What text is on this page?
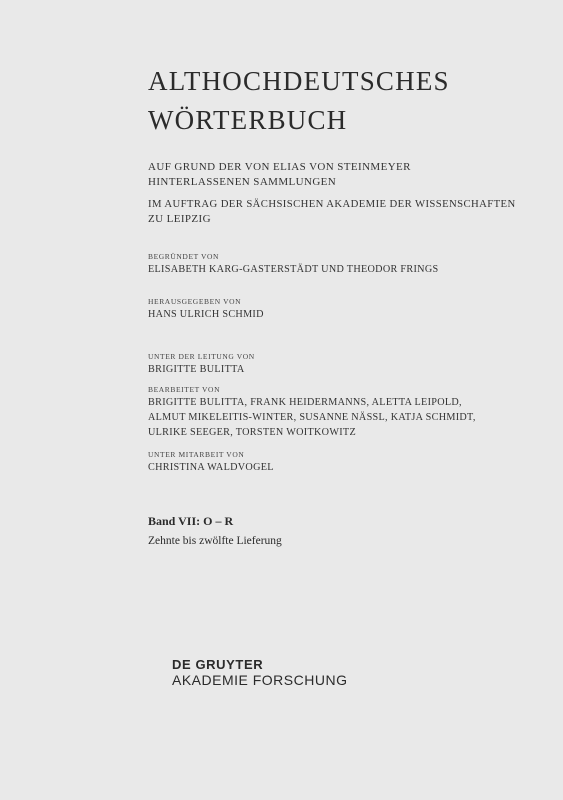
ALTHOCHDEUTSCHES
WÖRTERBUCH
AUF GRUND DER VON ELIAS VON STEINMEYER
HINTERLASSENEN SAMMLUNGEN
IM AUFTRAG DER SÄCHSISCHEN AKADEMIE DER WISSENSCHAFTEN
ZU LEIPZIG
BEGRÜNDET VON
ELISABETH KARG-GASTERSTÄDT UND THEODOR FRINGS
HERAUSGEGEBEN VON
HANS ULRICH SCHMID
UNTER DER LEITUNG VON
BRIGITTE BULITTA
BEARBEITET VON
BRIGITTE BULITTA, FRANK HEIDERMANNS, ALETTA LEIPOLD,
ALMUT MIKELEITIS-WINTER, SUSANNE NÄSSL, KATJA SCHMIDT,
ULRIKE SEEGER, TORSTEN WOITKOWITZ
UNTER MITARBEIT VON
CHRISTINA WALDVOGEL
Band VII: O – R
Zehnte bis zwölfte Lieferung
DE GRUYTER
AKADEMIE FORSCHUNG
